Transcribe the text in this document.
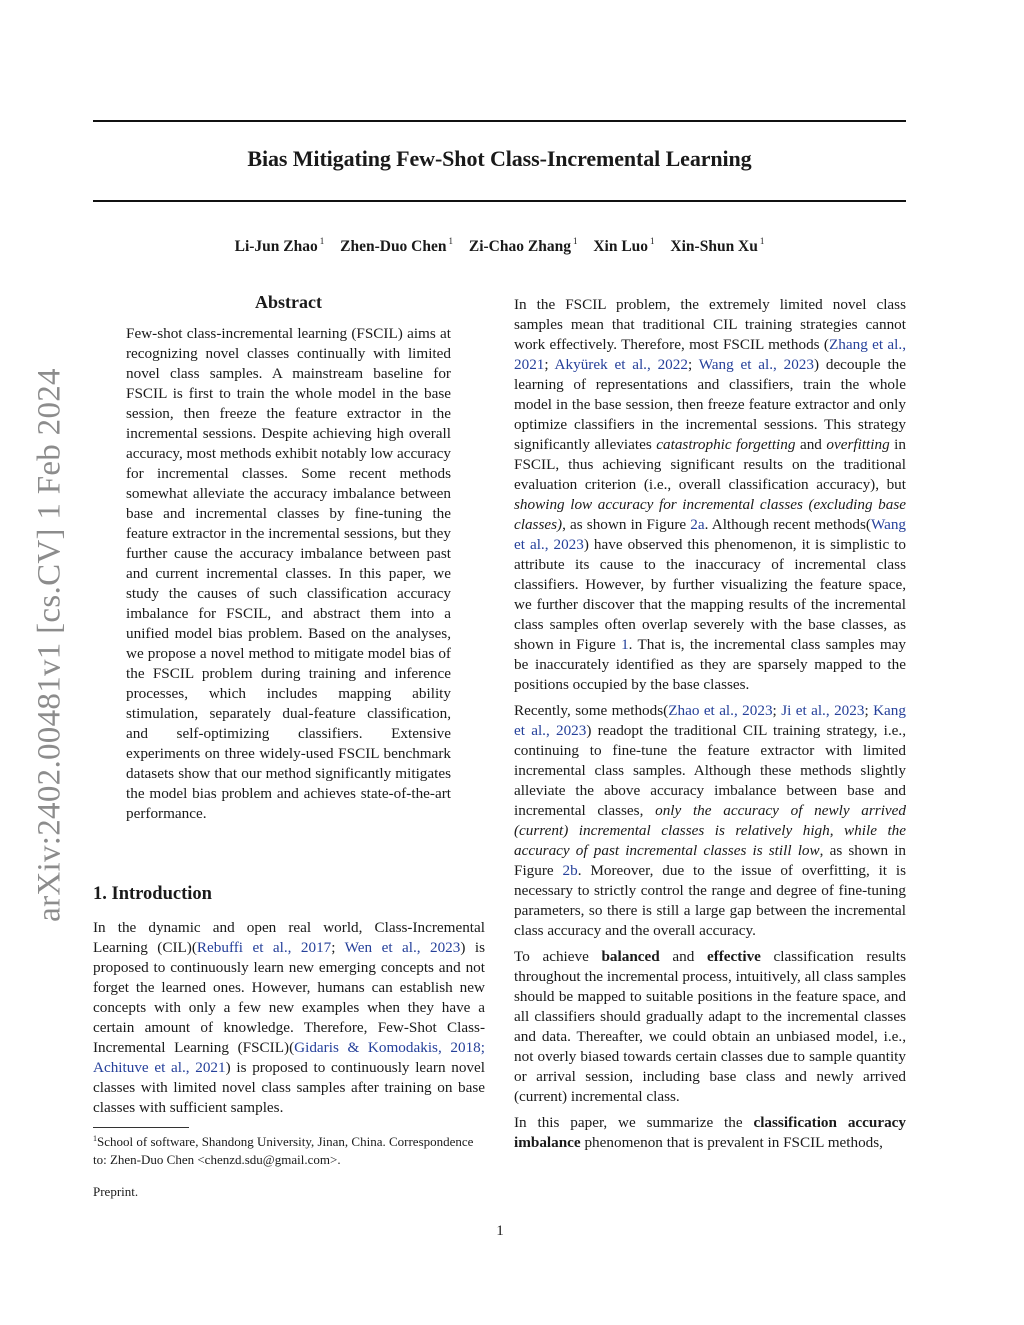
Bias Mitigating Few-Shot Class-Incremental Learning
Li-Jun Zhao $^1$ Zhen-Duo Chen $^1$ Zi-Chao Zhang $^1$ Xin Luo $^1$ Xin-Shun Xu $^1$
arXiv:2402.00481v1 [cs.CV] 1 Feb 2024
Abstract
Few-shot class-incremental learning (FSCIL) aims at recognizing novel classes continually with limited novel class samples. A mainstream baseline for FSCIL is first to train the whole model in the base session, then freeze the feature extractor in the incremental sessions. Despite achieving high overall accuracy, most methods exhibit notably low accuracy for incremental classes. Some recent methods somewhat alleviate the accuracy imbalance between base and incremental classes by fine-tuning the feature extractor in the incremental sessions, but they further cause the accuracy imbalance between past and current incremental classes. In this paper, we study the causes of such classification accuracy imbalance for FSCIL, and abstract them into a unified model bias problem. Based on the analyses, we propose a novel method to mitigate model bias of the FSCIL problem during training and inference processes, which includes mapping ability stimulation, separately dual-feature classification, and self-optimizing classifiers. Extensive experiments on three widely-used FSCIL benchmark datasets show that our method significantly mitigates the model bias problem and achieves state-of-the-art performance.
1. Introduction
In the dynamic and open real world, Class-Incremental Learning (CIL)(Rebuffi et al., 2017; Wen et al., 2023) is proposed to continuously learn new emerging concepts and not forget the learned ones. However, humans can establish new concepts with only a few new examples when they have a certain amount of knowledge. Therefore, Few-Shot Class-Incremental Learning (FSCIL)(Gidaris & Komodakis, 2018; Achituve et al., 2021) is proposed to continuously learn novel classes with limited novel class samples after training on base classes with sufficient samples.
$^1$School of software, Shandong University, Jinan, China. Correspondence to: Zhen-Duo Chen <chenzd.sdu@gmail.com>.
Preprint.

In the FSCIL problem, the extremely limited novel class samples mean that traditional CIL training strategies cannot work effectively. Therefore, most FSCIL methods (Zhang et al., 2021; Akyürek et al., 2022; Wang et al., 2023) decouple the learning of representations and classifiers, train the whole model in the base session, then freeze feature extractor and only optimize classifiers in the incremental sessions. This strategy significantly alleviates catastrophic forgetting and overfitting in FSCIL, thus achieving significant results on the traditional evaluation criterion (i.e., overall classification accuracy), but showing low accuracy for incremental classes (excluding base classes), as shown in Figure 2a. Although recent methods(Wang et al., 2023) have observed this phenomenon, it is simplistic to attribute its cause to the inaccuracy of incremental class classifiers. However, by further visualizing the feature space, we further discover that the mapping results of the incremental class samples often overlap severely with the base classes, as shown in Figure 1. That is, the incremental class samples may be inaccurately identified as they are sparsely mapped to the positions occupied by the base classes.

Recently, some methods(Zhao et al., 2023; Ji et al., 2023; Kang et al., 2023) readopt the traditional CIL training strategy, i.e., continuing to fine-tune the feature extractor with limited incremental class samples. Although these methods slightly alleviate the above accuracy imbalance between base and incremental classes, only the accuracy of newly arrived (current) incremental classes is relatively high, while the accuracy of past incremental classes is still low, as shown in Figure 2b. Moreover, due to the issue of overfitting, it is necessary to strictly control the range and degree of fine-tuning parameters, so there is still a large gap between the incremental class accuracy and the overall accuracy.

To achieve balanced and effective classification results throughout the incremental process, intuitively, all class samples should be mapped to suitable positions in the feature space, and all classifiers should gradually adapt to the incremental classes and data. Thereafter, we could obtain an unbiased model, i.e., not overly biased towards certain classes due to sample quantity or arrival session, including base class and newly arrived (current) incremental class.

In this paper, we summarize the classification accuracy imbalance phenomenon that is prevalent in FSCIL methods,

1
